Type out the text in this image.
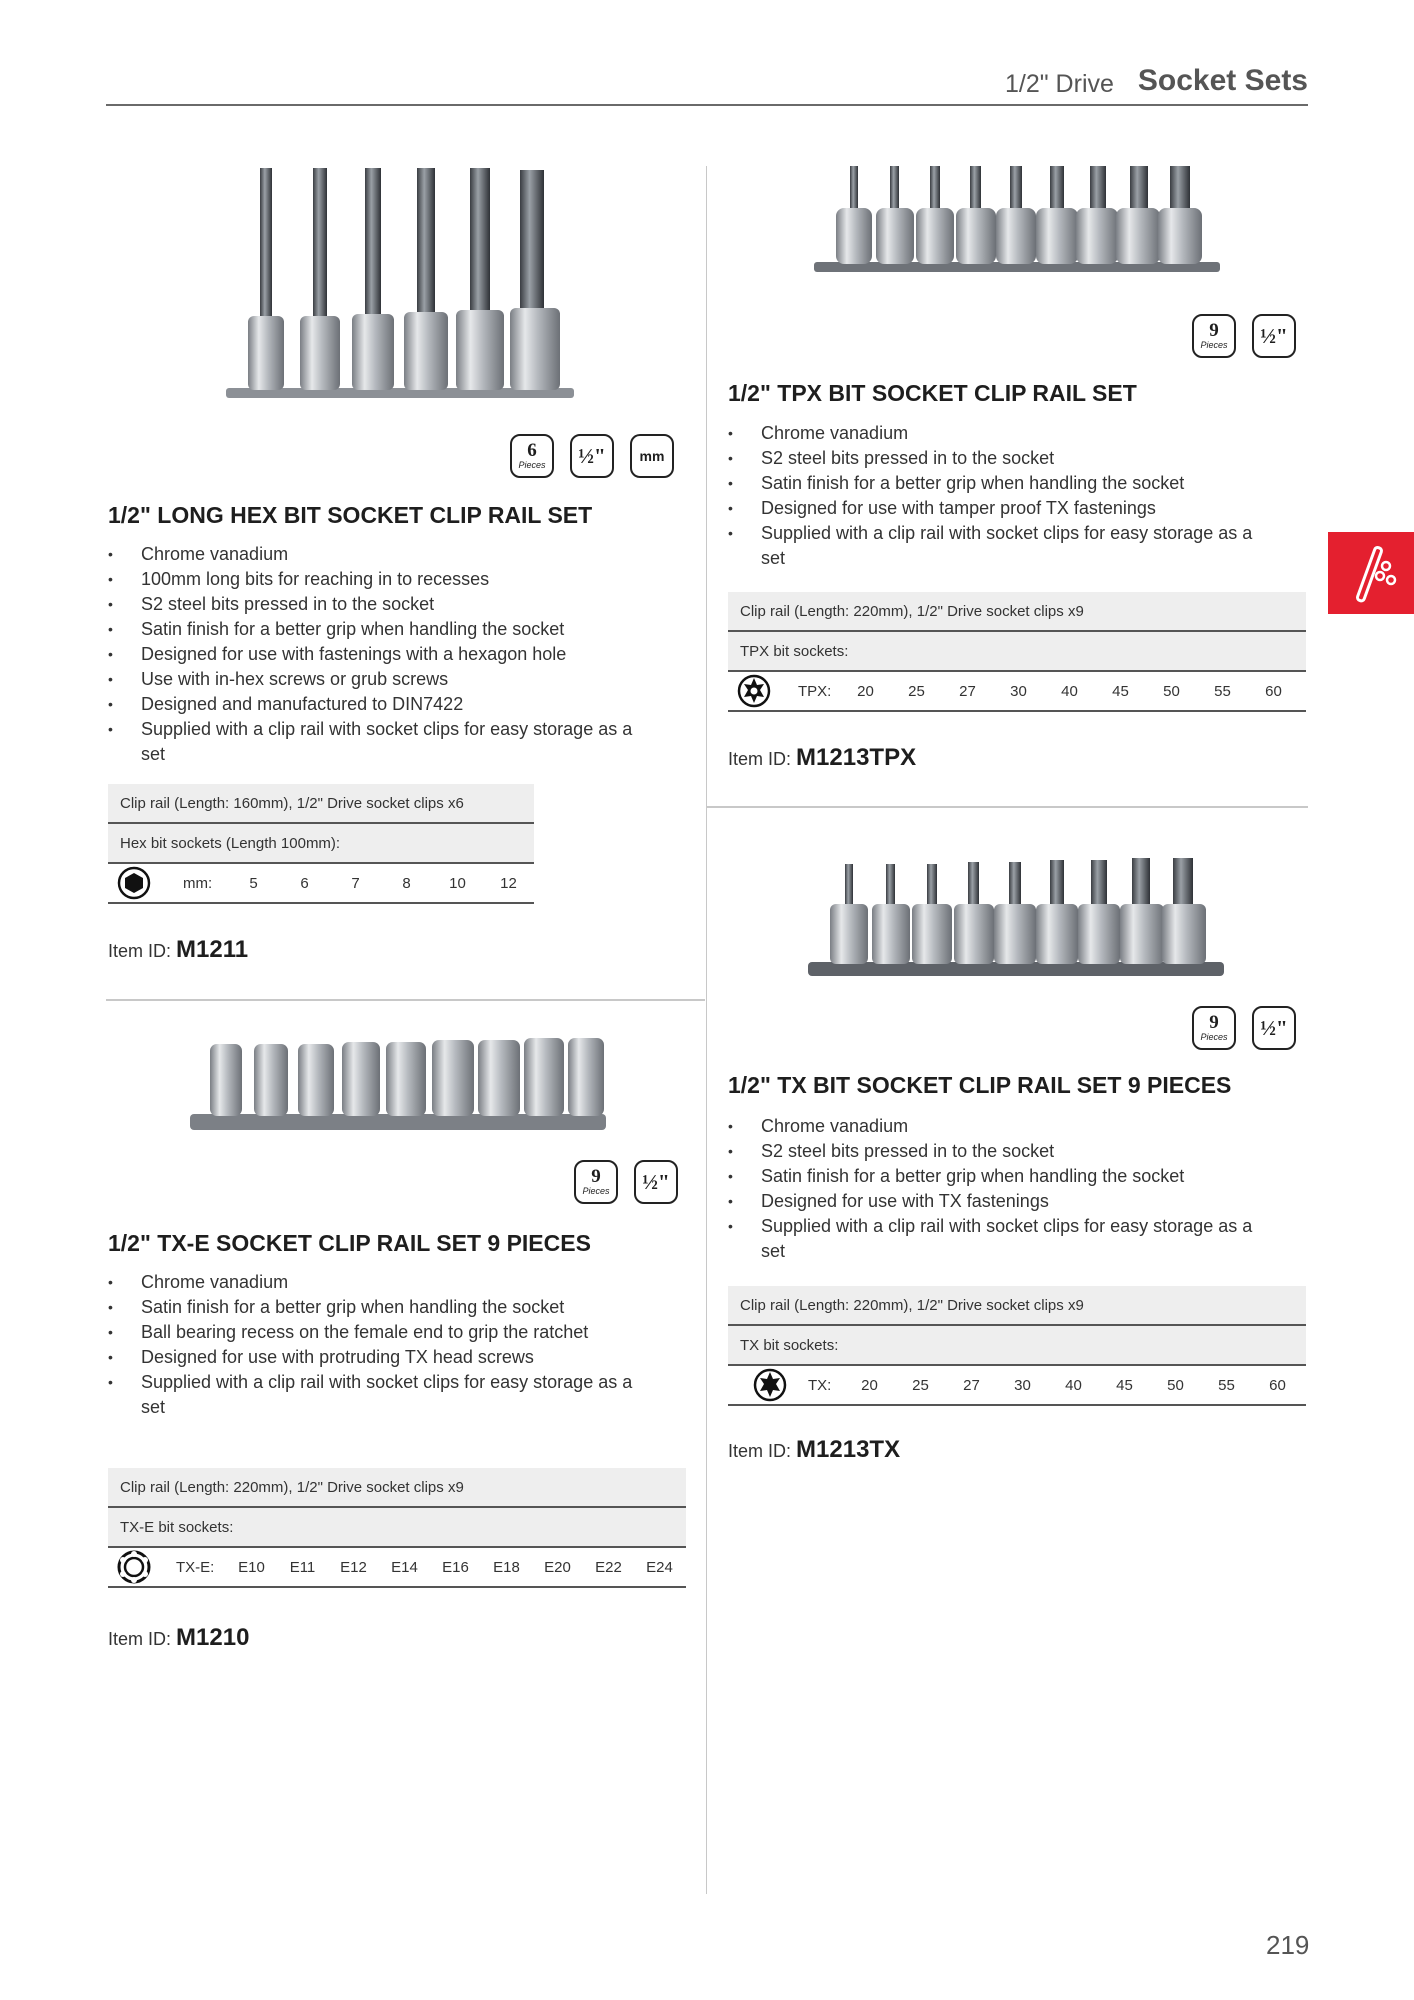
1/2" Drive Socket Sets
6
Pieces ½" mm
1/2" LONG HEX BIT SOCKET CLIP RAIL SET
• Chrome vanadium
• 100mm long bits for reaching in to recesses
• S2 steel bits pressed in to the socket
• Satin finish for a better grip when handling the socket
• Designed for use with fastenings with a hexagon hole
• Use with in-hex screws or grub screws
• Designed and manufactured to DIN7422
• Supplied with a clip rail with socket clips for easy storage as a set
Clip rail (Length: 160mm), 1/2" Drive socket clips x6
Hex bit sockets (Length 100mm):
mm:	5	6	7	8	10	12
Item ID: M1211
9
Pieces ½"
1/2" TX-E SOCKET CLIP RAIL SET 9 PIECES
• Chrome vanadium
• Satin finish for a better grip when handling the socket
• Ball bearing recess on the female end to grip the ratchet
• Designed for use with protruding TX head screws
• Supplied with a clip rail with socket clips for easy storage as a set
Clip rail (Length: 220mm), 1/2" Drive socket clips x9
TX-E bit sockets:
TX-E:	E10	E11	E12	E14	E16	E18	E20	E22	E24
Item ID: M1210
9
Pieces ½"
1/2" TPX BIT SOCKET CLIP RAIL SET
• Chrome vanadium
• S2 steel bits pressed in to the socket
• Satin finish for a better grip when handling the socket
• Designed for use with tamper proof TX fastenings
• Supplied with a clip rail with socket clips for easy storage as a set
Clip rail (Length: 220mm), 1/2" Drive socket clips x9
TPX bit sockets:
TPX:	20	25	27	30	40	45	50	55	60
Item ID: M1213TPX
9
Pieces ½"
1/2" TX BIT SOCKET CLIP RAIL SET 9 PIECES
• Chrome vanadium
• S2 steel bits pressed in to the socket
• Satin finish for a better grip when handling the socket
• Designed for use with TX fastenings
• Supplied with a clip rail with socket clips for easy storage as a set
Clip rail (Length: 220mm), 1/2" Drive socket clips x9
TX bit sockets:
TX:	20	25	27	30	40	45	50	55	60
Item ID: M1213TX
219
